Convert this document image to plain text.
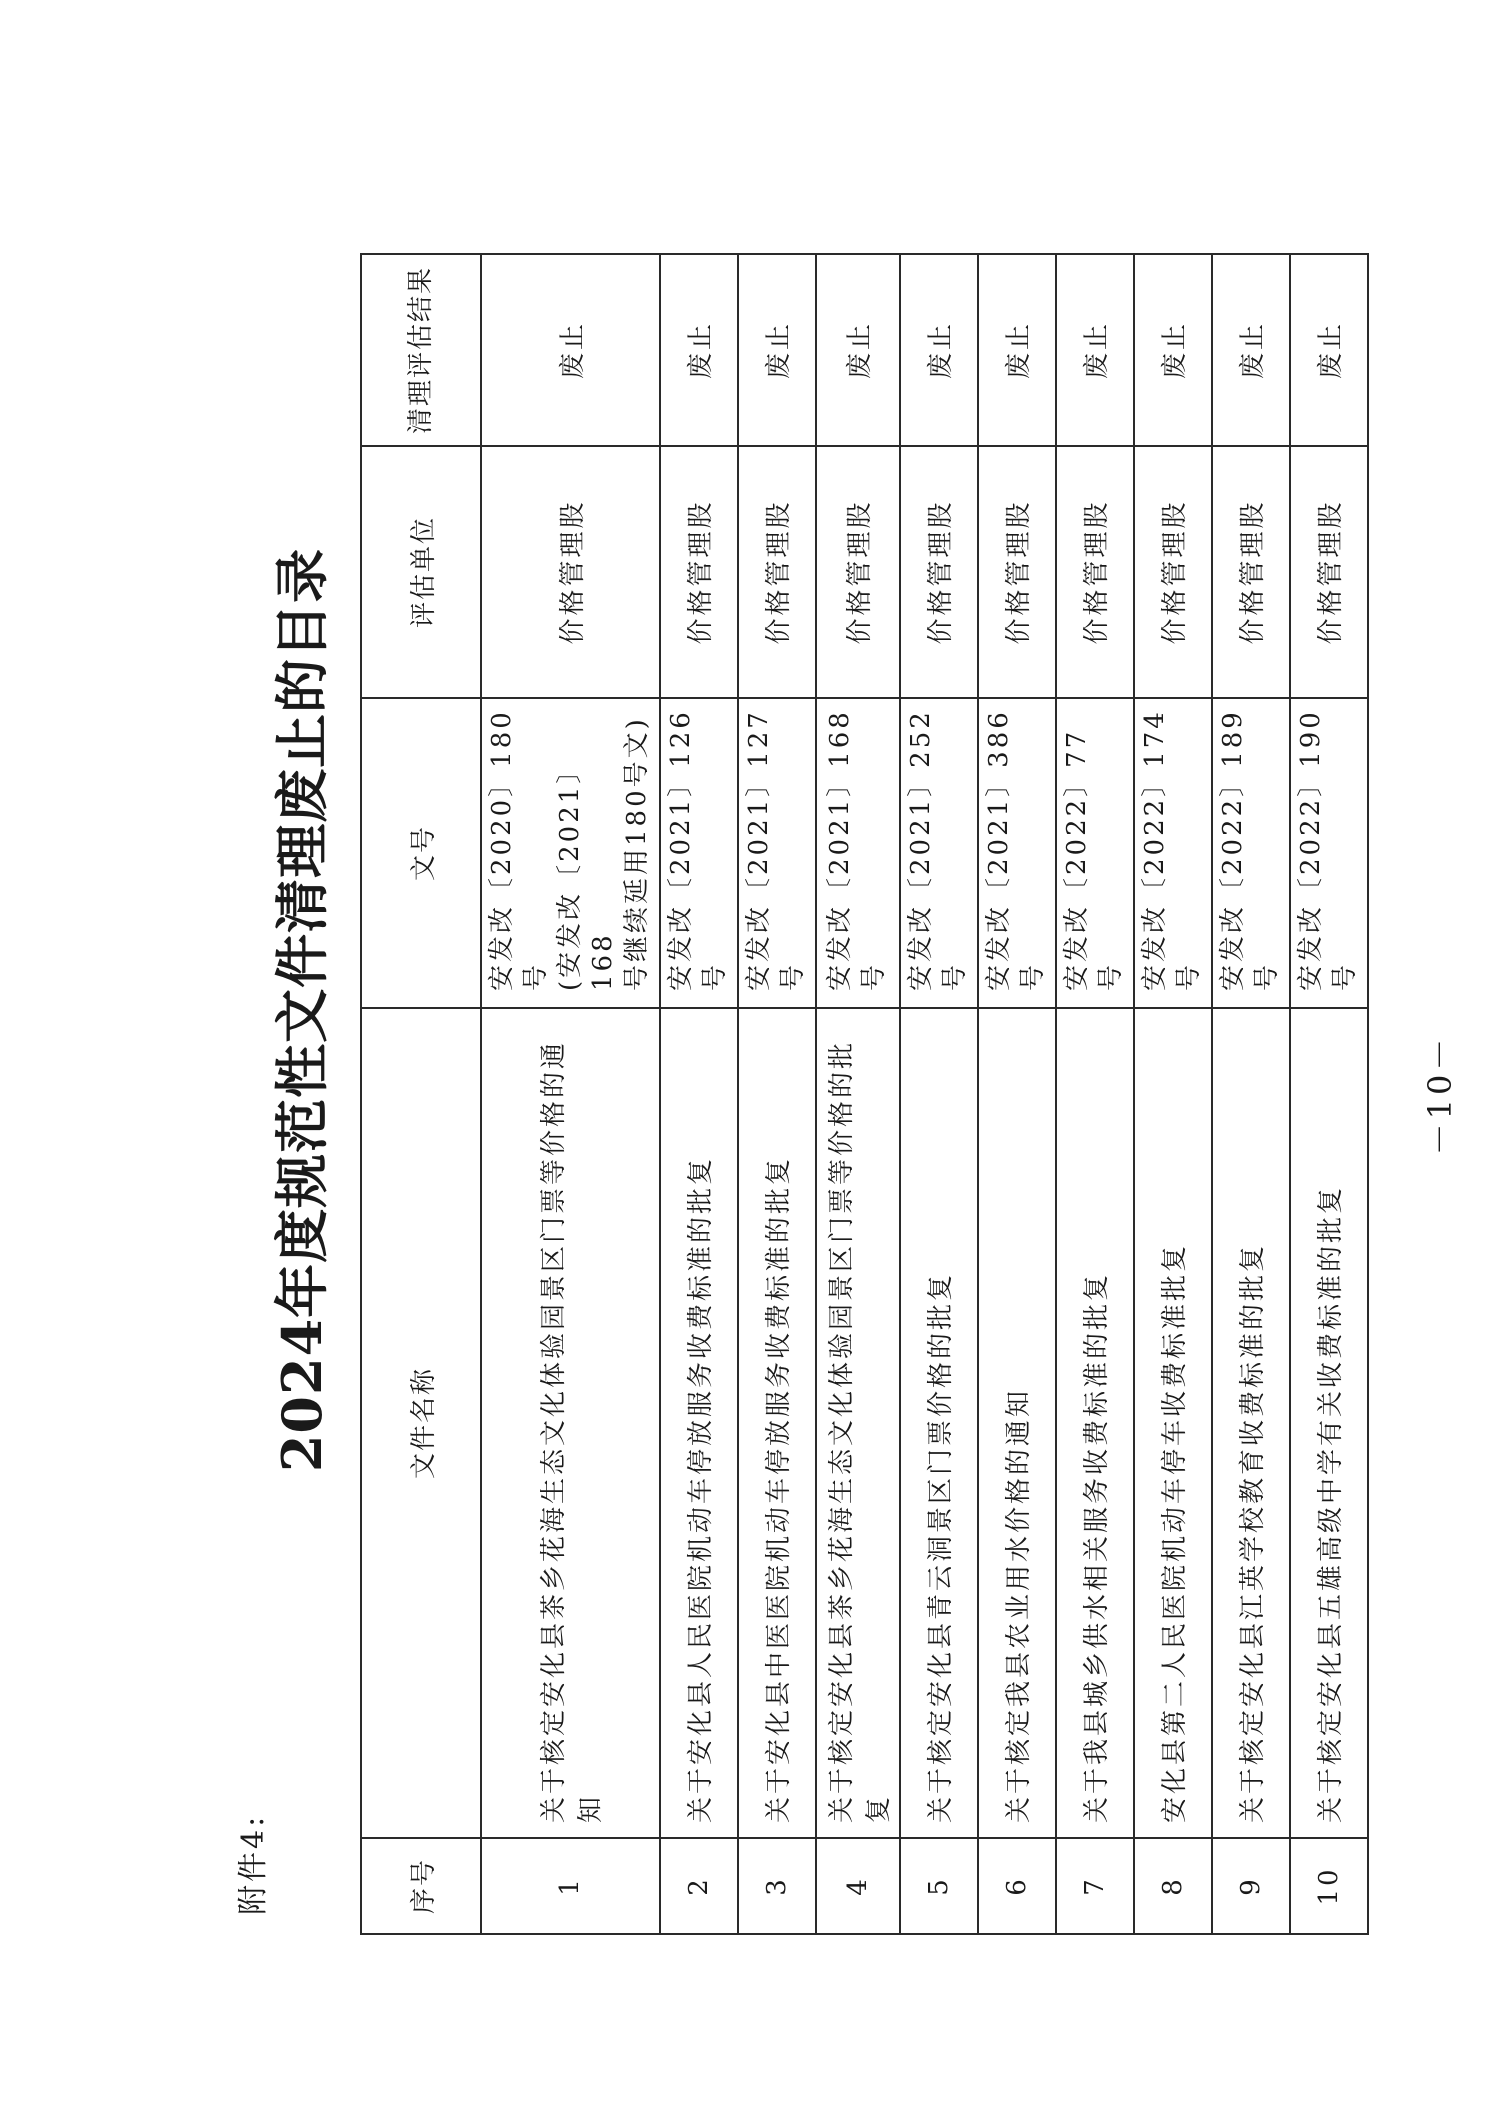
附件4:
2024年度规范性文件清理废止的目录
序号	文件名称	文号	评估单位	清理评估结果
1	关于核定安化县茶乡花海生态文化体验园景区门票等价格的通知	安发改〔2020〕180号
(安发改〔2021〕168
号继续延用180号文)	价格管理股	废止
2	关于安化县人民医院机动车停放服务收费标准的批复	安发改〔2021〕126号	价格管理股	废止
3	关于安化县中医医院机动车停放服务收费标准的批复	安发改〔2021〕127号	价格管理股	废止
4	关于核定安化县茶乡花海生态文化体验园景区门票等价格的批复	安发改〔2021〕168号	价格管理股	废止
5	关于核定安化县青云洞景区门票价格的批复	安发改〔2021〕252号	价格管理股	废止
6	关于核定我县农业用水价格的通知	安发改〔2021〕386号	价格管理股	废止
7	关于我县城乡供水相关服务收费标准的批复	安发改〔2022〕77号	价格管理股	废止
8	安化县第二人民医院机动车停车收费标准批复	安发改〔2022〕174号	价格管理股	废止
9	关于核定安化县江英学校教育收费标准的批复	安发改〔2022〕189号	价格管理股	废止
10	关于核定安化县五雄高级中学有关收费标准的批复	安发改〔2022〕190号	价格管理股	废止
－10－
